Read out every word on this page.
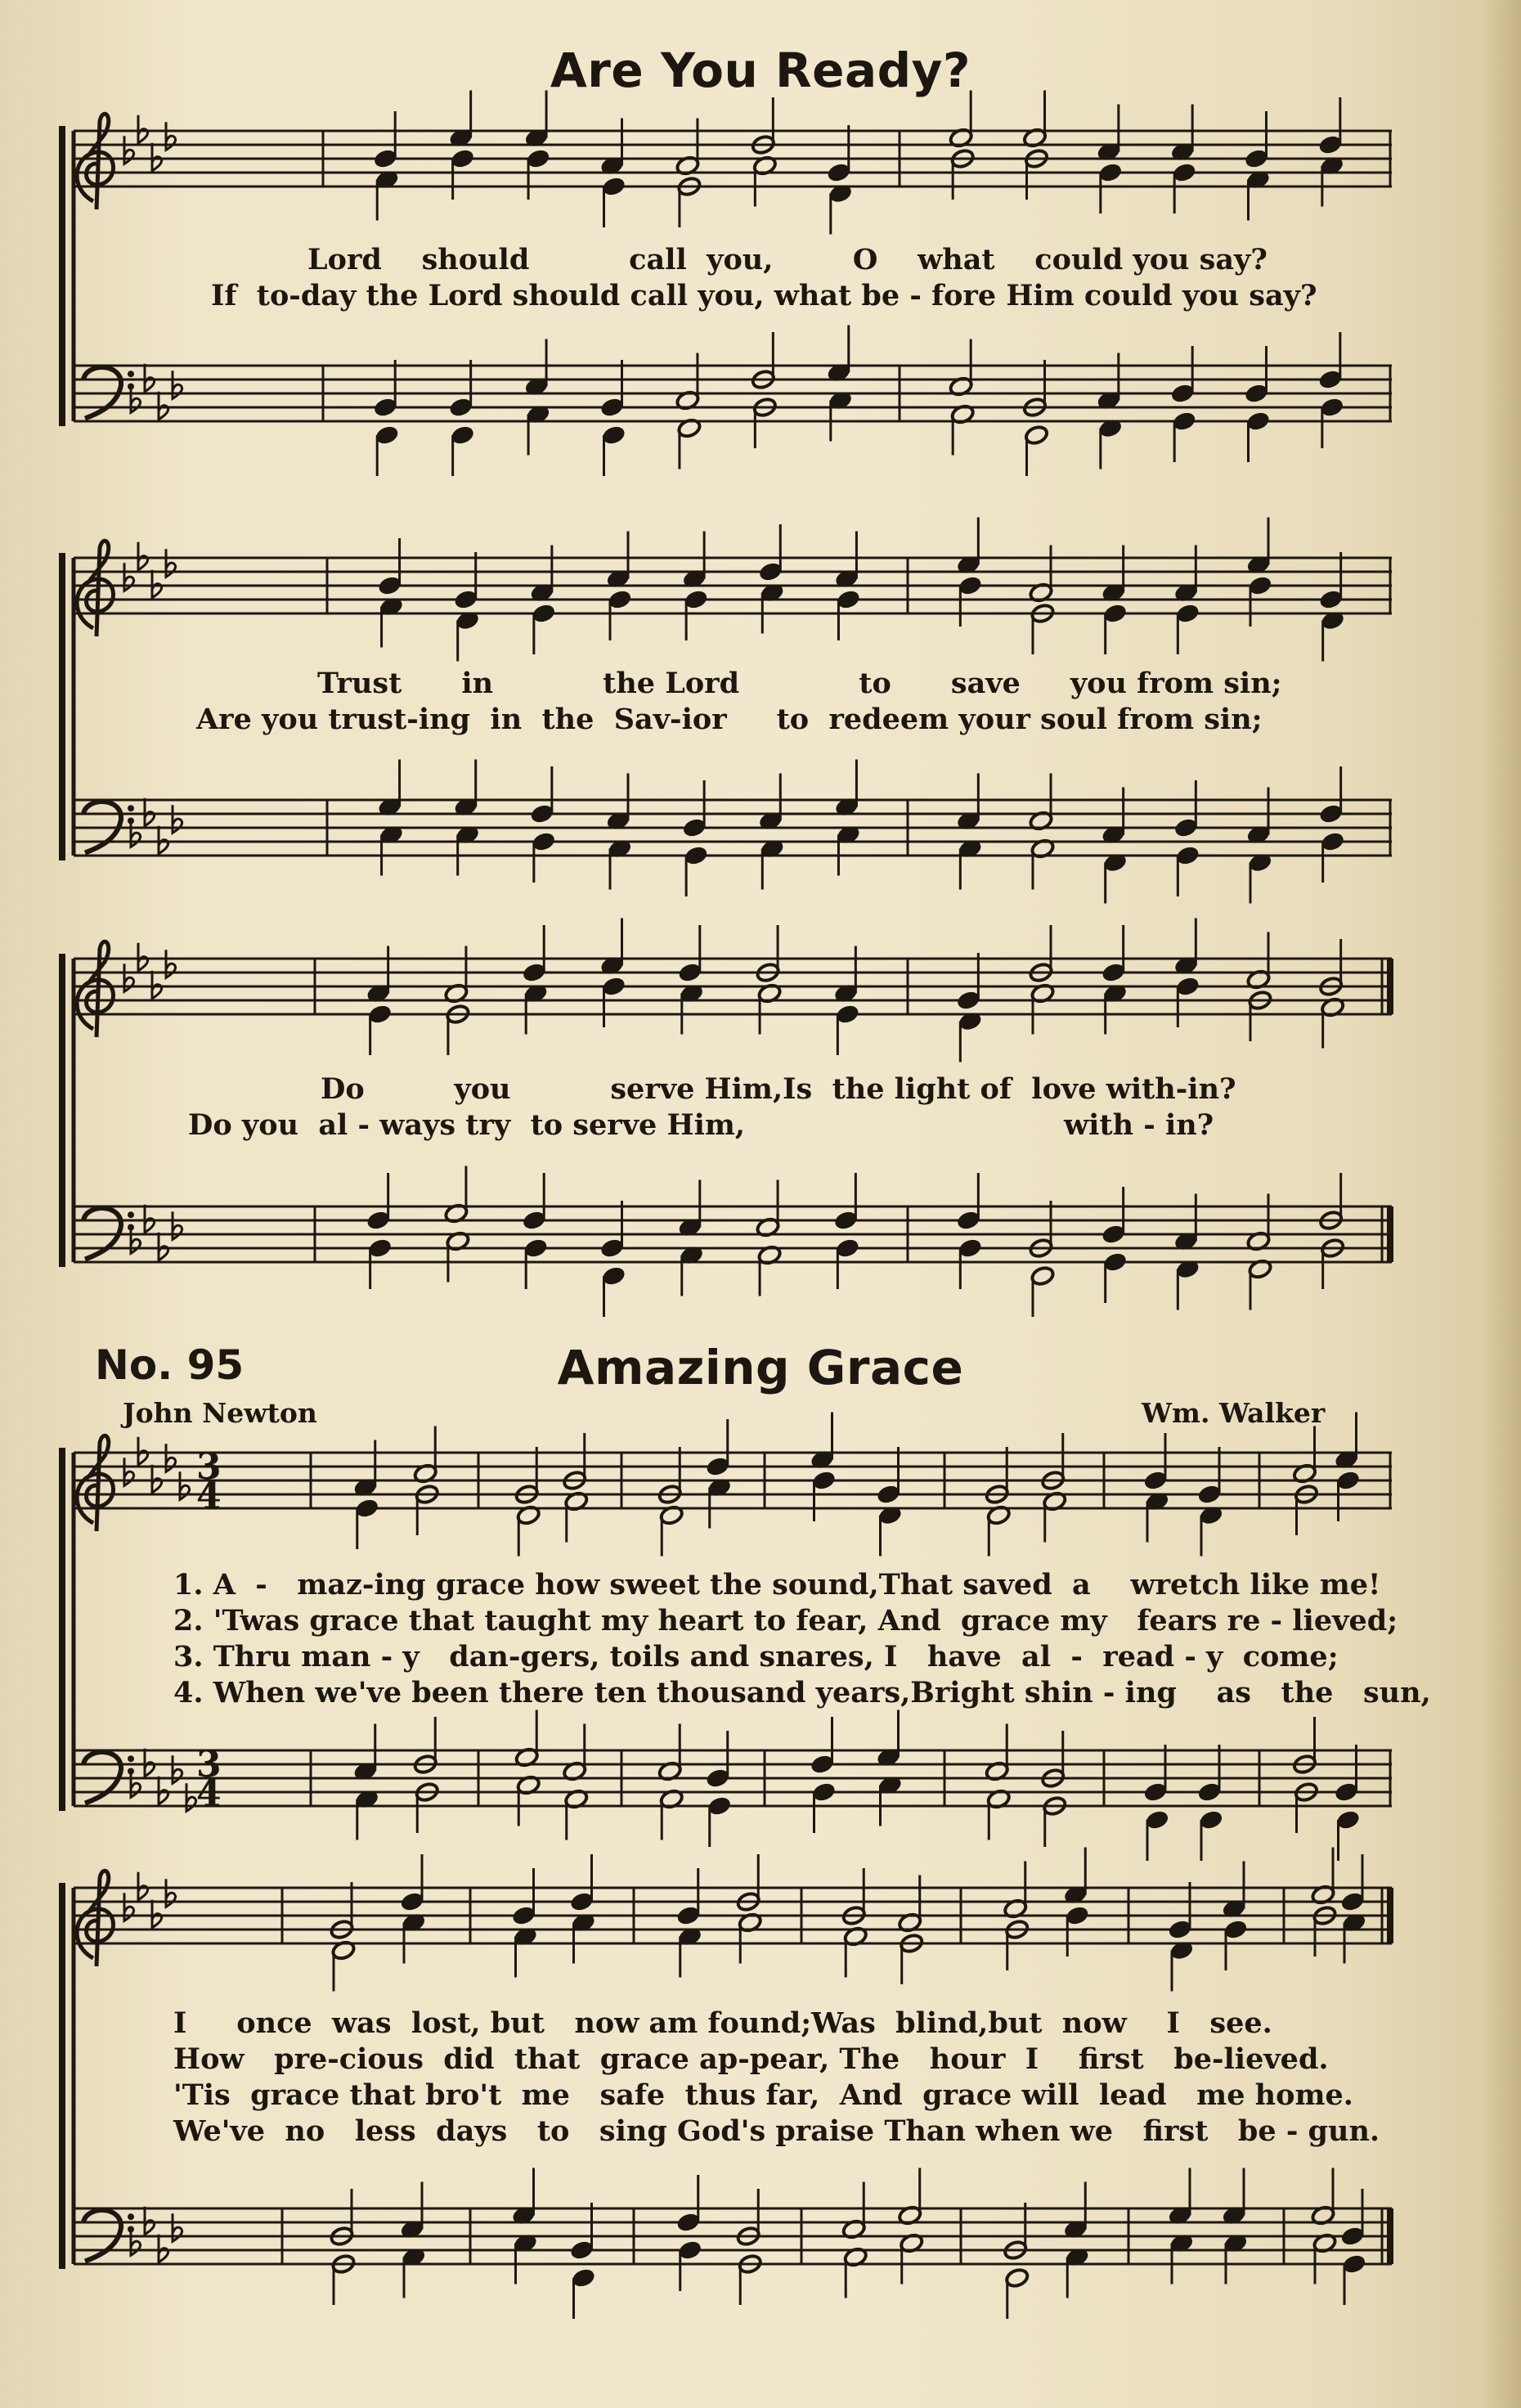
Are You Ready?
Lord    should          call  you,        O    what    could you say?
If  to-day the Lord should call you, what be - fore Him could you say?
Trust      in           the Lord            to      save     you from sin;
Are you trust-ing  in  the  Sav-ior     to  redeem your soul from sin;
Do         you          serve Him,Is  the light of  love with-in?
Do you  al - ways try  to serve Him,                                with - in?
No. 95	Amazing Grace
John Newton	Wm. Walker
1. A  -   maz-ing grace how sweet the sound,That saved  a    wretch like me!
2. 'Twas grace that taught my heart to fear, And  grace my   fears re - lieved;
3. Thru man - y   dan-gers, toils and snares, I   have  al  -  read - y  come;
4. When we've been there ten thousand years,Bright shin - ing    as   the   sun,
I     once  was  lost, but   now am found;Was  blind,but  now    I   see.
How   pre-cious  did  that  grace ap-pear, The   hour  I    first   be-lieved.
'Tis  grace that bro't  me   safe  thus far,  And  grace will  lead   me home.
We've  no   less  days   to   sing God's praise Than when we   first   be - gun.
3
4
3
4
